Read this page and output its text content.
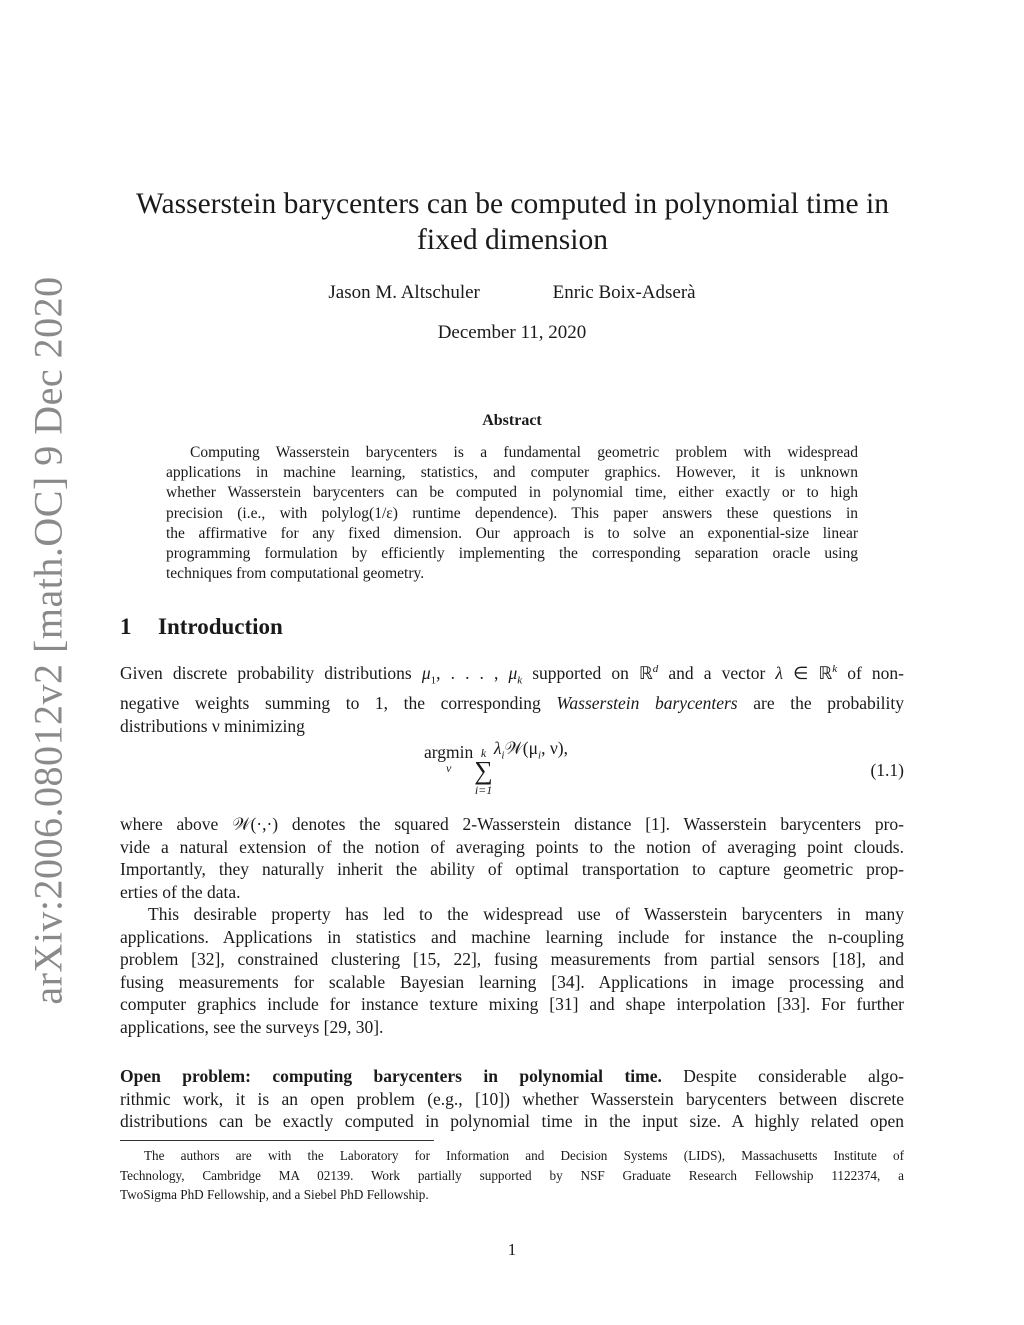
arXiv:2006.08012v2 [math.OC] 9 Dec 2020
Wasserstein barycenters can be computed in polynomial time in
fixed dimension
Jason M. Altschuler	Enric Boix-Adserà
December 11, 2020
Abstract
Computing Wasserstein barycenters is a fundamental geometric problem with widespread
applications in machine learning, statistics, and computer graphics. However, it is unknown
whether Wasserstein barycenters can be computed in polynomial time, either exactly or to high
precision (i.e., with polylog(1/ε) runtime dependence). This paper answers these questions in
the affirmative for any fixed dimension. Our approach is to solve an exponential-size linear
programming formulation by efficiently implementing the corresponding separation oracle using
techniques from computational geometry.
1 Introduction
Given discrete probability distributions $\mu_1$, . . . , $\mu_k$ supported on ℝ$^d$ and a vector λ ∈ ℝ$^k$ of non-
negative weights summing to 1, the corresponding Wasserstein barycenters are the probability
distributions ν minimizing
argmin
ν
k
∑
i=1
$\lambda_i𝒲(\mu_i$, ν),
(1.1)
where above 𝒲(·,·) denotes the squared 2-Wasserstein distance [1]. Wasserstein barycenters pro-
vide a natural extension of the notion of averaging points to the notion of averaging point clouds.
Importantly, they naturally inherit the ability of optimal transportation to capture geometric prop-
erties of the data.
This desirable property has led to the widespread use of Wasserstein barycenters in many
applications. Applications in statistics and machine learning include for instance the n-coupling
problem [32], constrained clustering [15, 22], fusing measurements from partial sensors [18], and
fusing measurements for scalable Bayesian learning [34]. Applications in image processing and
computer graphics include for instance texture mixing [31] and shape interpolation [33]. For further
applications, see the surveys [29, 30].
Open problem: computing barycenters in polynomial time. Despite considerable algo-
rithmic work, it is an open problem (e.g., [10]) whether Wasserstein barycenters between discrete
distributions can be exactly computed in polynomial time in the input size. A highly related open
The authors are with the Laboratory for Information and Decision Systems (LIDS), Massachusetts Institute of
Technology, Cambridge MA 02139. Work partially supported by NSF Graduate Research Fellowship 1122374, a
TwoSigma PhD Fellowship, and a Siebel PhD Fellowship.
1
